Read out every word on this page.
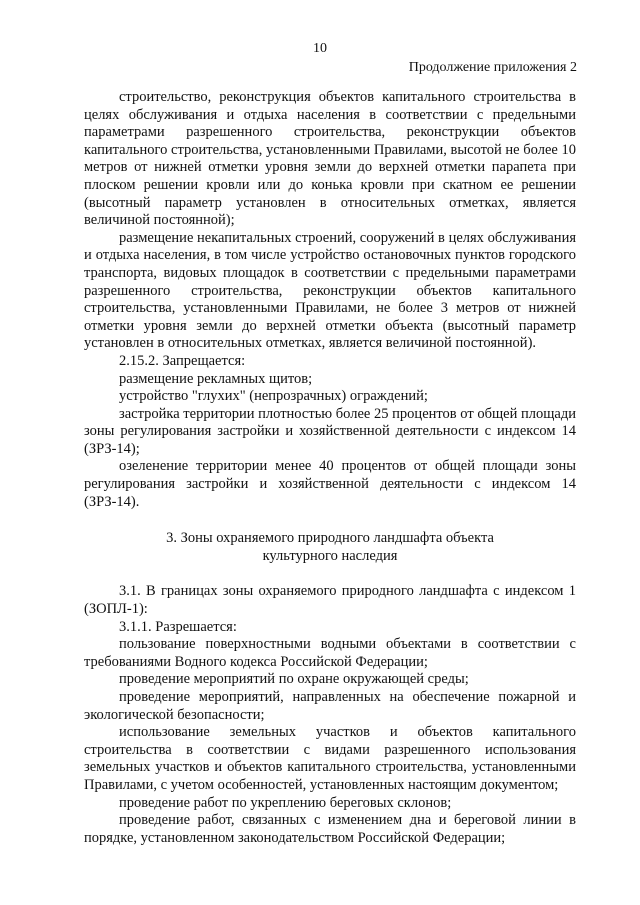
10
Продолжение приложения 2

строительство, реконструкция объектов капитального строительства в целях обслуживания и отдыха населения в соответствии с предельными параметрами разрешенного строительства, реконструкции объектов капитального строительства, установленными Правилами, высотой не более 10 метров от нижней отметки уровня земли до верхней отметки парапета при плоском решении кровли или до конька кровли при скатном ее решении (высотный параметр установлен в относительных отметках, является величиной постоянной);

размещение некапитальных строений, сооружений в целях обслуживания и отдыха населения, в том числе устройство остановочных пунктов городского транспорта, видовых площадок в соответствии с предельными параметрами разрешенного строительства, реконструкции объектов капитального строительства, установленными Правилами, не более 3 метров от нижней отметки уровня земли до верхней отметки объекта (высотный параметр установлен в относительных отметках, является величиной постоянной).

2.15.2. Запрещается:

размещение рекламных щитов;

устройство "глухих" (непрозрачных) ограждений;

застройка территории плотностью более 25 процентов от общей площади зоны регулирования застройки и хозяйственной деятельности с индексом 14 (ЗРЗ-14);

озеленение территории менее 40 процентов от общей площади зоны регулирования застройки и хозяйственной деятельности с индексом 14 (ЗРЗ-14).

3. Зоны охраняемого природного ландшафта объекта
культурного наследия

3.1. В границах зоны охраняемого природного ландшафта с индексом 1 (ЗОПЛ-1):

3.1.1. Разрешается:

пользование поверхностными водными объектами в соответствии с требованиями Водного кодекса Российской Федерации;

проведение мероприятий по охране окружающей среды;

проведение мероприятий, направленных на обеспечение пожарной и экологической безопасности;

использование земельных участков и объектов капитального строительства в соответствии с видами разрешенного использования земельных участков и объектов капитального строительства, установленными Правилами, с учетом особенностей, установленных настоящим документом;

проведение работ по укреплению береговых склонов;

проведение работ, связанных с изменением дна и береговой линии в порядке, установленном законодательством Российской Федерации;
